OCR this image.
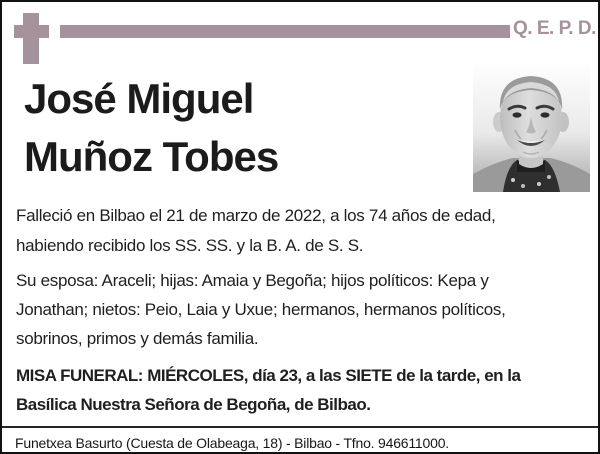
Q. E. P. D.
José Miguel
Muñoz Tobes
Falleció en Bilbao el 21 de marzo de 2022, a los 74 años de edad,
habiendo recibido los SS. SS. y la B. A. de S. S.
Su esposa: Araceli; hijas: Amaia y Begoña; hijos políticos: Kepa y
Jonathan; nietos: Peio, Laia y Uxue; hermanos, hermanos políticos,
sobrinos, primos y demás familia.
MISA FUNERAL: MIÉRCOLES, día 23, a las SIETE de la tarde, en la
Basílica Nuestra Señora de Begoña, de Bilbao.
Funetxea Basurto (Cuesta de Olabeaga, 18) - Bilbao - Tfno. 946611000.
